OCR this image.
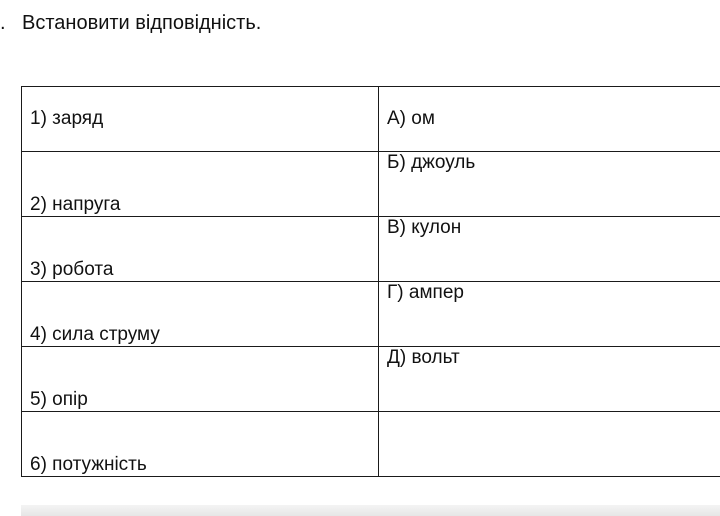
. Встановити відповідність.
1) заряд	А) ом
2) напруга	Б) джоуль
3) робота	В) кулон
4) сила струму	Г) ампер
5) опір	Д) вольт
6) потужність	
